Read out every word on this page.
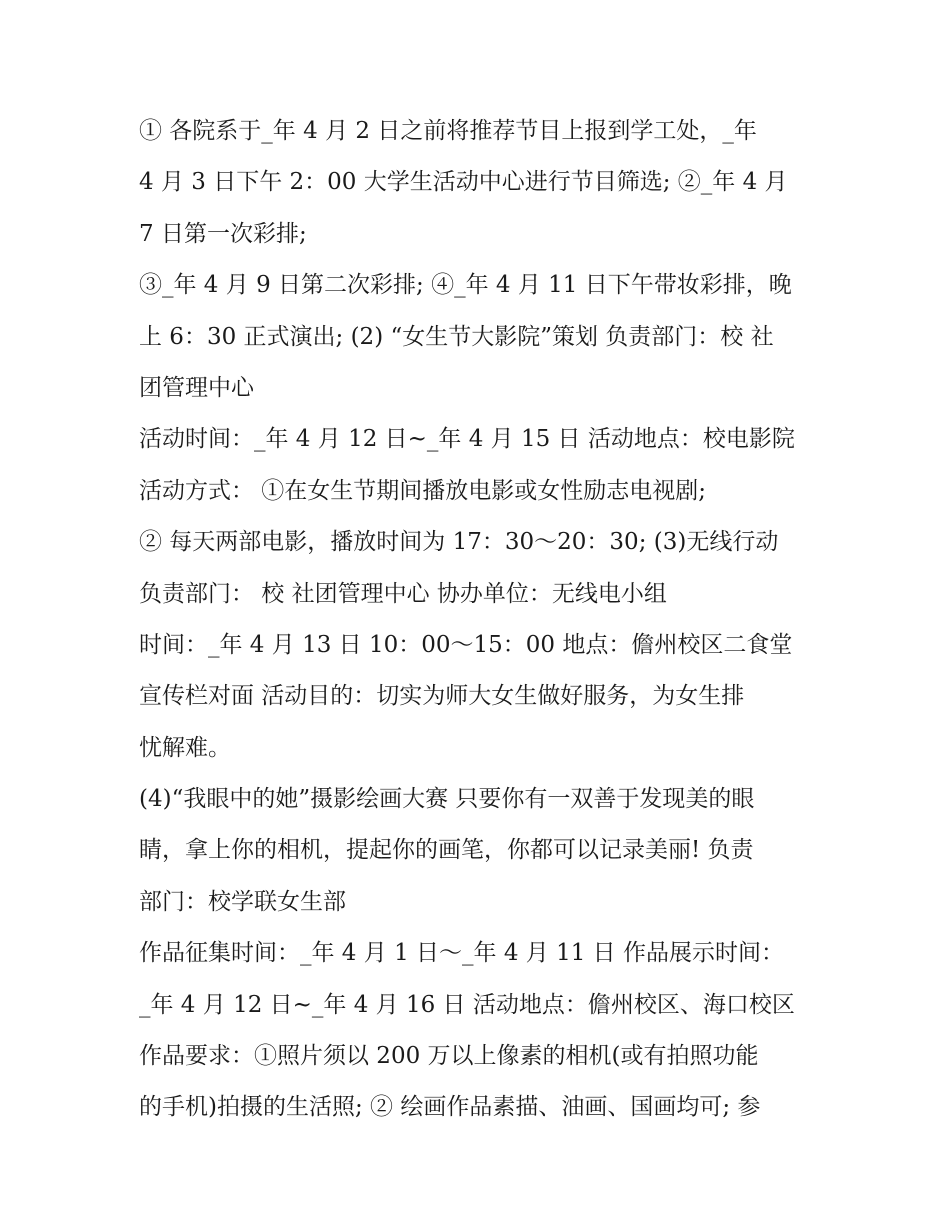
① 各院系于_年 4 月 2 日之前将推荐节目上报到学工处，_年
4 月 3 日下午 2：00 大学生活动中心进行节目筛选; ②_年 4 月
7 日第一次彩排;
③_年 4 月 9 日第二次彩排; ④_年 4 月 11 日下午带妆彩排，晚
上 6：30 正式演出; (2) “女生节大影院”策划 负责部门：校 社
团管理中心
活动时间：_年 4 月 12 日~_年 4 月 15 日 活动地点：校电影院
活动方式： ①在女生节期间播放电影或女性励志电视剧;
② 每天两部电影，播放时间为 17：30～20：30; (3)无线行动
负责部门： 校 社团管理中心 协办单位：无线电小组
时间：_年 4 月 13 日 10：00～15：00 地点：儋州校区二食堂
宣传栏对面 活动目的：切实为师大女生做好服务，为女生排
忧解难。
(4)“我眼中的她”摄影绘画大赛 只要你有一双善于发现美的眼
睛，拿上你的相机，提起你的画笔，你都可以记录美丽! 负责
部门：校学联女生部
作品征集时间：_年 4 月 1 日～_年 4 月 11 日 作品展示时间：
_年 4 月 12 日~_年 4 月 16 日 活动地点：儋州校区、海口校区
作品要求：①照片须以 200 万以上像素的相机(或有拍照功能
的手机)拍摄的生活照; ② 绘画作品素描、油画、国画均可; 参
